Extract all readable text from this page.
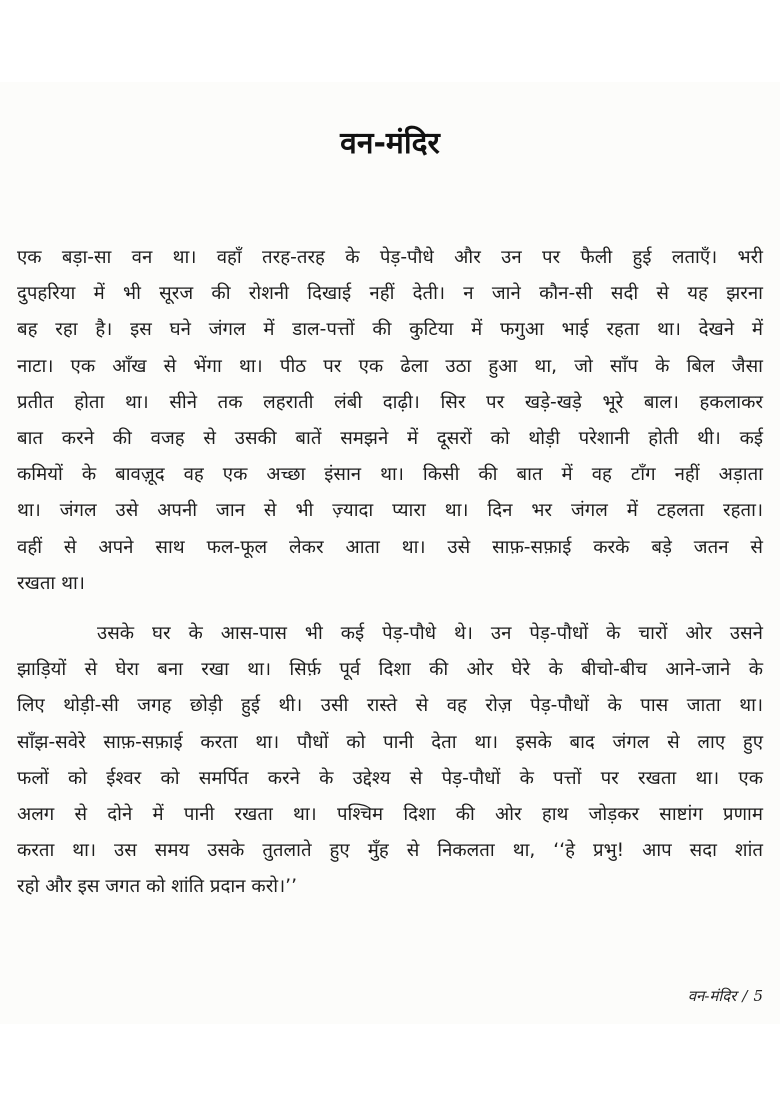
वन-मंदिर

एक बड़ा-सा वन था। वहाँ तरह-तरह के पेड़-पौधे और उन पर फैली हुई लताएँ। भरी
दुपहरिया में भी सूरज की रोशनी दिखाई नहीं देती। न जाने कौन-सी सदी से यह झरना
बह रहा है। इस घने जंगल में डाल-पत्तों की कुटिया में फगुआ भाई रहता था। देखने में
नाटा। एक आँख से भेंगा था। पीठ पर एक ढेला उठा हुआ था, जो साँप के बिल जैसा
प्रतीत होता था। सीने तक लहराती लंबी दाढ़ी। सिर पर खड़े-खड़े भूरे बाल। हकलाकर
बात करने की वजह से उसकी बातें समझने में दूसरों को थोड़ी परेशानी होती थी। कई
कमियों के बावज़ूद वह एक अच्छा इंसान था। किसी की बात में वह टाँग नहीं अड़ाता
था। जंगल उसे अपनी जान से भी ज़्यादा प्यारा था। दिन भर जंगल में टहलता रहता।
वहीं से अपने साथ फल-फूल लेकर आता था। उसे साफ़-सफ़ाई करके बड़े जतन से
रखता था।

उसके घर के आस-पास भी कई पेड़-पौधे थे। उन पेड़-पौधों के चारों ओर उसने
झाड़ियों से घेरा बना रखा था। सिर्फ़ पूर्व दिशा की ओर घेरे के बीचो-बीच आने-जाने के
लिए थोड़ी-सी जगह छोड़ी हुई थी। उसी रास्ते से वह रोज़ पेड़-पौधों के पास जाता था।
साँझ-सवेरे साफ़-सफ़ाई करता था। पौधों को पानी देता था। इसके बाद जंगल से लाए हुए
फलों को ईश्वर को समर्पित करने के उद्देश्य से पेड़-पौधों के पत्तों पर रखता था। एक
अलग से दोने में पानी रखता था। पश्चिम दिशा की ओर हाथ जोड़कर साष्टांग प्रणाम
करता था। उस समय उसके तुतलाते हुए मुँह से निकलता था, ‘‘हे प्रभु! आप सदा शांत
रहो और इस जगत को शांति प्रदान करो।’’

वन-मंदिर / 5
